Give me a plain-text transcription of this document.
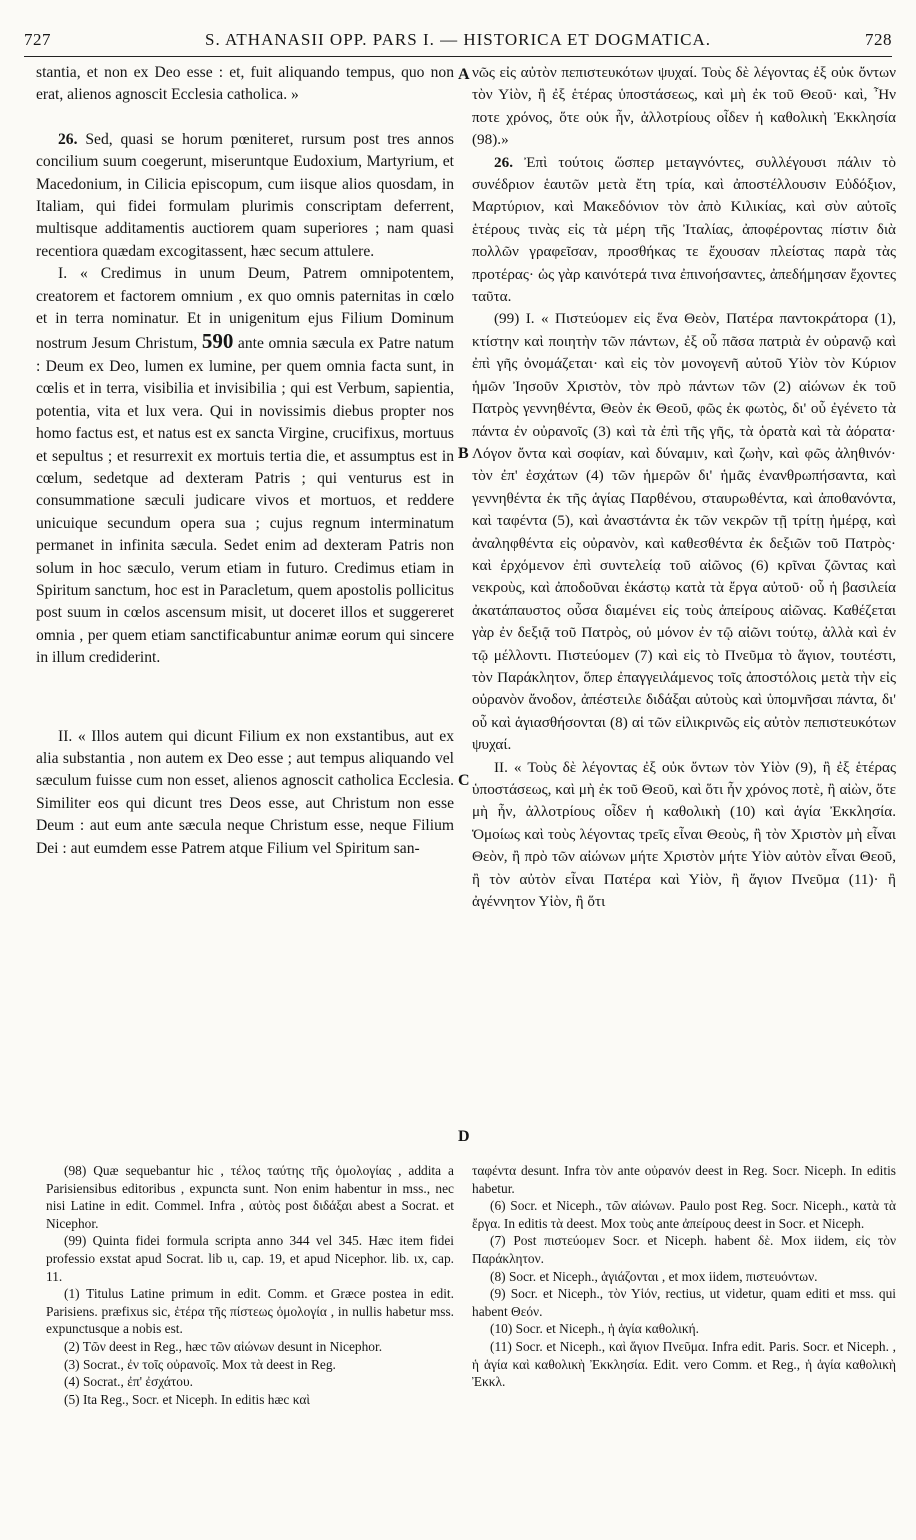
727	S. ATHANASII OPP. PARS I. — HISTORICA ET DOGMATICA.	728

stantia, et non ex Deo esse : et, fuit aliquando tempus, quo non erat, alienos agnoscit Ecclesia catholica. »

26. Sed, quasi se horum pœniteret, rursum post tres annos concilium suum coegerunt, miseruntque Eudoxium, Martyrium, et Macedonium, in Cilicia episcopum, cum iisque alios quosdam, in Italiam, qui fidei formulam plurimis conscriptam deferrent, multisque additamentis auctiorem quam superiores ; nam quasi recentiora quædam excogitassent, hæc secum attulere.

I. « Credimus in unum Deum, Patrem omnipotentem, creatorem et factorem omnium , ex quo omnis paternitas in cœlo et in terra nominatur. Et in unigenitum ejus Filium Dominum nostrum Jesum Christum, 590 ante omnia sæcula ex Patre natum : Deum ex Deo, lumen ex lumine, per quem omnia facta sunt, in cœlis et in terra, visibilia et invisibilia ; qui est Verbum, sapientia, potentia, vita et lux vera. Qui in novissimis diebus propter nos homo factus est, et natus est ex sancta Virgine, crucifixus, mortuus et sepultus ; et resurrexit ex mortuis tertia die, et assumptus est in cœlum, sedetque ad dexteram Patris ; qui venturus est in consummatione sæculi judicare vivos et mortuos, et reddere unicuique secundum opera sua ; cujus regnum interminatum permanet in infinita sæcula. Sedet enim ad dexteram Patris non solum in hoc sæculo, verum etiam in futuro. Credimus etiam in Spiritum sanctum, hoc est in Paracletum, quem apostolis pollicitus post suum in cœlos ascensum misit, ut doceret illos et suggereret omnia , per quem etiam sanctificabuntur animæ eorum qui sincere in illum crediderint.

II. « Illos autem qui dicunt Filium ex non exstantibus, aut ex alia substantia , non autem ex Deo esse ; aut tempus aliquando vel sæculum fuisse cum non esset, alienos agnoscit catholica Ecclesia. Similiter eos qui dicunt tres Deos esse, aut Christum non esse Deum : aut eum ante sæcula neque Christum esse, neque Filium Dei : aut eumdem esse Patrem atque Filium vel Spiritum san-

A
B
C
D

νῶς εἰς αὐτὸν πεπιστευκότων ψυχαί. Τοὺς δὲ λέγοντας ἐξ οὐκ ὄντων τὸν Υἱὸν, ἢ ἐξ ἑτέρας ὑποστάσεως, καὶ μὴ ἐκ τοῦ Θεοῦ· καὶ, Ἦν ποτε χρόνος, ὅτε οὐκ ἦν, ἀλλοτρίους οἶδεν ἡ καθολικὴ Ἐκκλησία (98).»

26. Ἐπὶ τούτοις ὥσπερ μεταγνόντες, συλλέγουσι πάλιν τὸ συνέδριον ἑαυτῶν μετὰ ἔτη τρία, καὶ ἀποστέλλουσιν Εὐδόξιον, Μαρτύριον, καὶ Μακεδόνιον τὸν ἀπὸ Κιλικίας, καὶ σὺν αὐτοῖς ἑτέρους τινὰς εἰς τὰ μέρη τῆς Ἰταλίας, ἀποφέροντας πίστιν διὰ πολλῶν γραφεῖσαν, προσθήκας τε ἔχουσαν πλείστας παρὰ τὰς προτέρας· ὡς γὰρ καινότερά τινα ἐπινοήσαντες, ἀπεδήμησαν ἔχοντες ταῦτα.

(99) I. « Πιστεύομεν εἰς ἕνα Θεὸν, Πατέρα παντοκράτορα (1), κτίστην καὶ ποιητὴν τῶν πάντων, ἐξ οὗ πᾶσα πατριὰ ἐν οὐρανῷ καὶ ἐπὶ γῆς ὀνομάζεται· καὶ εἰς τὸν μονογενῆ αὐτοῦ Υἱὸν τὸν Κύριον ἡμῶν Ἰησοῦν Χριστὸν, τὸν πρὸ πάντων τῶν (2) αἰώνων ἐκ τοῦ Πατρὸς γεννηθέντα, Θεὸν ἐκ Θεοῦ, φῶς ἐκ φωτὸς, δι' οὗ ἐγένετο τὰ πάντα ἐν οὐρανοῖς (3) καὶ τὰ ἐπὶ τῆς γῆς, τὰ ὁρατὰ καὶ τὰ ἀόρατα· Λόγον ὄντα καὶ σοφίαν, καὶ δύναμιν, καὶ ζωὴν, καὶ φῶς ἀληθινόν· τὸν ἐπ' ἐσχάτων (4) τῶν ἡμερῶν δι' ἡμᾶς ἐνανθρωπήσαντα, καὶ γεννηθέντα ἐκ τῆς ἁγίας Παρθένου, σταυρωθέντα, καὶ ἀποθανόντα, καὶ ταφέντα (5), καὶ ἀναστάντα ἐκ τῶν νεκρῶν τῇ τρίτῃ ἡμέρᾳ, καὶ ἀναληφθέντα εἰς οὐρανὸν, καὶ καθεσθέντα ἐκ δεξιῶν τοῦ Πατρὸς· καὶ ἐρχόμενον ἐπὶ συντελείᾳ τοῦ αἰῶνος (6) κρῖναι ζῶντας καὶ νεκροὺς, καὶ ἀποδοῦναι ἑκάστῳ κατὰ τὰ ἔργα αὐτοῦ· οὗ ἡ βασιλεία ἀκατάπαυστος οὖσα διαμένει εἰς τοὺς ἀπείρους αἰῶνας. Καθέζεται γὰρ ἐν δεξιᾷ τοῦ Πατρὸς, οὐ μόνον ἐν τῷ αἰῶνι τούτῳ, ἀλλὰ καὶ ἐν τῷ μέλλοντι. Πιστεύομεν (7) καὶ εἰς τὸ Πνεῦμα τὸ ἅγιον, τουτέστι, τὸν Παράκλητον, ὅπερ ἐπαγγειλάμενος τοῖς ἀποστόλοις μετὰ τὴν εἰς οὐρανὸν ἄνοδον, ἀπέστειλε διδάξαι αὐτοὺς καὶ ὑπομνῆσαι πάντα, δι' οὗ καὶ ἁγιασθήσονται (8) αἱ τῶν εἰλικρινῶς εἰς αὐτὸν πεπιστευκότων ψυχαί.

II. « Τοὺς δὲ λέγοντας ἐξ οὐκ ὄντων τὸν Υἱὸν (9), ἢ ἐξ ἑτέρας ὑποστάσεως, καὶ μὴ ἐκ τοῦ Θεοῦ, καὶ ὅτι ἦν χρόνος ποτὲ, ἢ αἰὼν, ὅτε μὴ ἦν, ἀλλοτρίους οἶδεν ἡ καθολικὴ (10) καὶ ἁγία Ἐκκλησία. Ὁμοίως καὶ τοὺς λέγοντας τρεῖς εἶναι Θεοὺς, ἢ τὸν Χριστὸν μὴ εἶναι Θεὸν, ἢ πρὸ τῶν αἰώνων μήτε Χριστὸν μήτε Υἱὸν αὐτὸν εἶναι Θεοῦ, ἢ τὸν αὐτὸν εἶναι Πατέρα καὶ Υἱὸν, ἢ ἅγιον Πνεῦμα (11)· ἢ ἀγέννητον Υἱὸν, ἢ ὅτι

(98) Quæ sequebantur hic , τέλος ταύτης τῆς ὁμολογίας , addita a Parisiensibus editoribus , expuncta sunt. Non enim habentur in mss., nec nisi Latine in edit. Commel. Infra , αὐτὸς post διδάξαι abest a Socrat. et Nicephor.

(99) Quinta fidei formula scripta anno 344 vel 345. Hæc item fidei professio exstat apud Socrat. lib ιι, cap. 19, et apud Nicephor. lib. ιx, cap. 11.

(1) Titulus Latine primum in edit. Comm. et Græce postea in edit. Parisiens. præfixus sic, ἑτέρα τῆς πίστεως ὁμολογία , in nullis habetur mss. expunctusque a nobis est.

(2) Τῶν deest in Reg., hæc τῶν αἰώνων desunt in Nicephor.

(3) Socrat., ἐν τοῖς οὐρανοῖς. Mox τὰ deest in Reg.

(4) Socrat., ἐπ' ἐσχάτου.

(5) Ita Reg., Socr. et Niceph. In editis hæc καὶ

ταφέντα desunt. Infra τὸν ante οὐρανόν deest in Reg. Socr. Niceph. In editis habetur.

(6) Socr. et Niceph., τῶν αἰώνων. Paulo post Reg. Socr. Niceph., κατὰ τὰ ἔργα. In editis τὰ deest. Mox τοὺς ante ἀπείρους deest in Socr. et Niceph.

(7) Post πιστεύομεν Socr. et Niceph. habent δὲ. Mox iidem, εἰς τὸν Παράκλητον.

(8) Socr. et Niceph., ἁγιάζονται , et mox iidem, πιστευόντων.

(9) Socr. et Niceph., τὸν Υἱόν, rectius, ut videtur, quam editi et mss. qui habent Θεόν.

(10) Socr. et Niceph., ἡ ἁγία καθολική.

(11) Socr. et Niceph., καὶ ἅγιον Πνεῦμα. Infra edit. Paris. Socr. et Niceph. , ἡ ἁγία καὶ καθολικὴ Ἐκκλησία. Edit. vero Comm. et Reg., ἡ ἁγία καθολικὴ Ἐκκλ.
